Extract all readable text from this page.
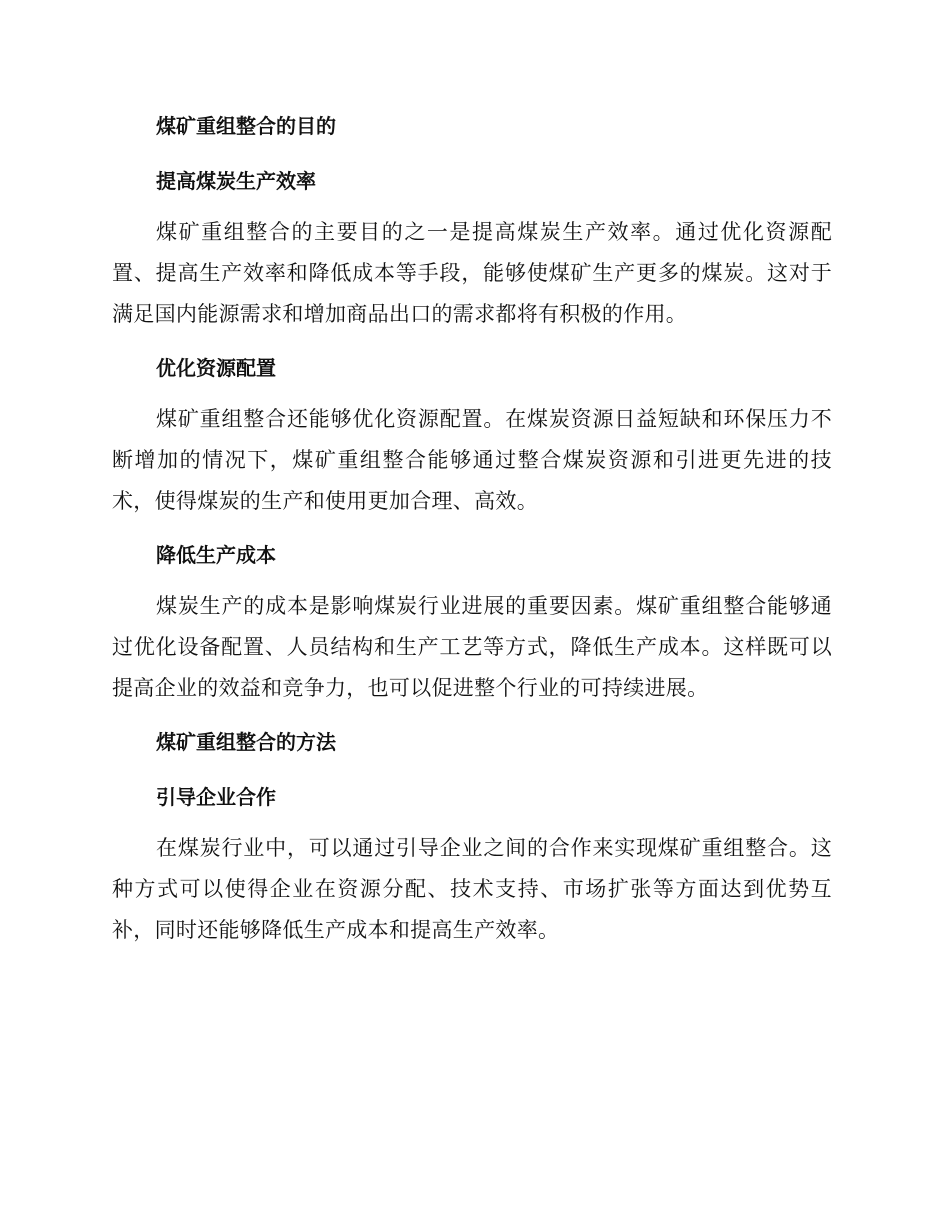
煤矿重组整合的目的
提高煤炭生产效率

煤矿重组整合的主要目的之一是提高煤炭生产效率。通过优化资源配置、提高生产效率和降低成本等手段，能够使煤矿生产更多的煤炭。这对于满足国内能源需求和增加商品出口的需求都将有积极的作用。

优化资源配置

煤矿重组整合还能够优化资源配置。在煤炭资源日益短缺和环保压力不断增加的情况下，煤矿重组整合能够通过整合煤炭资源和引进更先进的技术，使得煤炭的生产和使用更加合理、高效。

降低生产成本

煤炭生产的成本是影响煤炭行业进展的重要因素。煤矿重组整合能够通过优化设备配置、人员结构和生产工艺等方式，降低生产成本。这样既可以提高企业的效益和竞争力，也可以促进整个行业的可持续进展。

煤矿重组整合的方法
引导企业合作

在煤炭行业中，可以通过引导企业之间的合作来实现煤矿重组整合。这种方式可以使得企业在资源分配、技术支持、市场扩张等方面达到优势互补，同时还能够降低生产成本和提高生产效率。
